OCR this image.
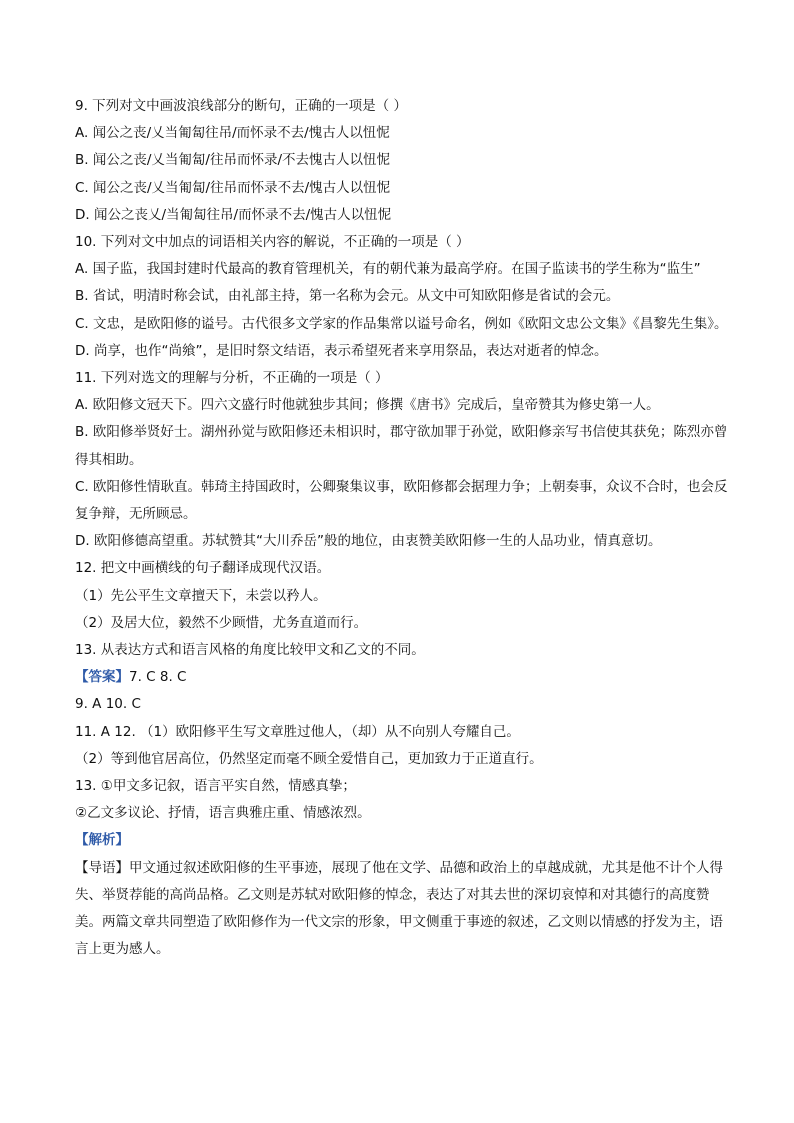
9. 下列对文中画波浪线部分的断句，正确的一项是（ ）
A. 闻公之丧/乂当匍匐往吊/而怀录不去/愧古人以忸怩
B. 闻公之丧/乂当匍匐/往吊而怀录/不去愧古人以忸怩
C. 闻公之丧/乂当匍匐/往吊而怀录不去/愧古人以忸怩
D. 闻公之丧乂/当匍匐往吊/而怀录不去/愧古人以忸怩
10. 下列对文中加点的词语相关内容的解说，不正确的一项是（ ）
A. 国子监，我国封建时代最高的教育管理机关，有的朝代兼为最高学府。在国子监读书的学生称为“监生”
B. 省试，明清时称会试，由礼部主持，第一名称为会元。从文中可知欧阳修是省试的会元。
C. 文忠，是欧阳修的谥号。古代很多文学家的作品集常以谥号命名，例如《欧阳文忠公文集》《昌黎先生集》。
D. 尚享，也作“尚飨”，是旧时祭文结语，表示希望死者来享用祭品，表达对逝者的悼念。
11. 下列对选文的理解与分析，不正确的一项是（ ）
A. 欧阳修文冠天下。四六文盛行时他就独步其间；修撰《唐书》完成后，皇帝赞其为修史第一人。
B. 欧阳修举贤好士。湖州孙觉与欧阳修还未相识时，郡守欲加罪于孙觉，欧阳修亲写书信使其获免；陈烈亦曾得其相助。
C. 欧阳修性情耿直。韩琦主持国政时，公卿聚集议事，欧阳修都会据理力争；上朝奏事，众议不合时，也会反复争辩，无所顾忌。
D. 欧阳修德高望重。苏轼赞其“大川乔岳”般的地位，由衷赞美欧阳修一生的人品功业，情真意切。
12. 把文中画横线的句子翻译成现代汉语。
（1）先公平生文章擅天下，未尝以矜人。
（2）及居大位，毅然不少顾惜，尤务直道而行。
13. 从表达方式和语言风格的角度比较甲文和乙文的不同。
【答案】7. C 8. C
9. A 10. C
11. A 12. （1）欧阳修平生写文章胜过他人，（却）从不向别人夸耀自己。
（2）等到他官居高位，仍然坚定而毫不顾全爱惜自己，更加致力于正道直行。
13. ①甲文多记叙，语言平实自然，情感真挚；
②乙文多议论、抒情，语言典雅庄重、情感浓烈。
【解析】
【导语】甲文通过叙述欧阳修的生平事迹，展现了他在文学、品德和政治上的卓越成就，尤其是他不计个人得失、举贤荐能的高尚品格。乙文则是苏轼对欧阳修的悼念，表达了对其去世的深切哀悼和对其德行的高度赞美。两篇文章共同塑造了欧阳修作为一代文宗的形象，甲文侧重于事迹的叙述，乙文则以情感的抒发为主，语言上更为感人。
